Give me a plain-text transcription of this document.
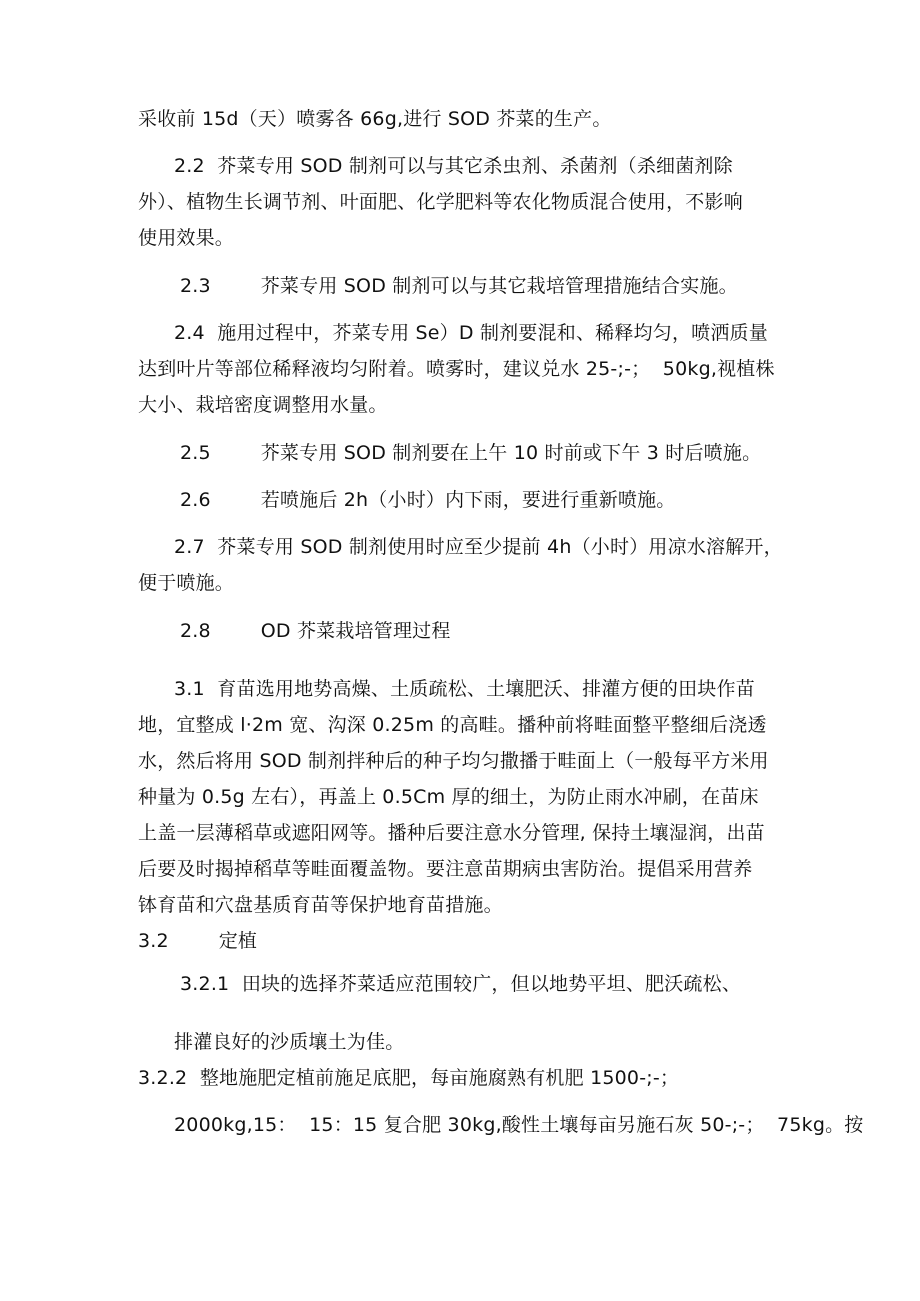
采收前 15d（天）喷雾各 66g,进行 SOD 芥菜的生产。
2.2  芥菜专用 SOD 制剂可以与其它杀虫剂、杀菌剂（杀细菌剂除
外）、植物生长调节剂、叶面肥、化学肥料等农化物质混合使用，不影响
使用效果。
2.3        芥菜专用 SOD 制剂可以与其它栽培管理措施结合实施。
2.4  施用过程中，芥菜专用 Se）D 制剂要混和、稀释均匀，喷洒质量
达到叶片等部位稀释液均匀附着。喷雾时，建议兑水 25-;-；  50kg,视植株
大小、栽培密度调整用水量。
2.5        芥菜专用 SOD 制剂要在上午 10 时前或下午 3 时后喷施。
2.6        若喷施后 2h（小时）内下雨，要进行重新喷施。
2.7  芥菜专用 SOD 制剂使用时应至少提前 4h（小时）用凉水溶解开，
便于喷施。
2.8        OD 芥菜栽培管理过程
3.1  育苗选用地势高燥、土质疏松、土壤肥沃、排灌方便的田块作苗
地，宜整成 l·2m 宽、沟深 0.25m 的高畦。播种前将畦面整平整细后浇透
水，然后将用 SOD 制剂拌种后的种子均匀撒播于畦面上（一般每平方米用
种量为 0.5g 左右），再盖上 0.5Cm 厚的细土，为防止雨水冲刷，在苗床
上盖一层薄稻草或遮阳网等。播种后要注意水分管理, 保持土壤湿润，出苗
后要及时揭掉稻草等畦面覆盖物。要注意苗期病虫害防治。提倡采用营养
钵育苗和穴盘基质育苗等保护地育苗措施。
3.2        定植
3.2.1  田块的选择芥菜适应范围较广，但以地势平坦、肥沃疏松、
排灌良好的沙质壤土为佳。
3.2.2  整地施肥定植前施足底肥，每亩施腐熟有机肥 1500-;-；
2000kg,15：  15：15 复合肥 30kg,酸性土壤每亩另施石灰 50-;-；  75kg。按
